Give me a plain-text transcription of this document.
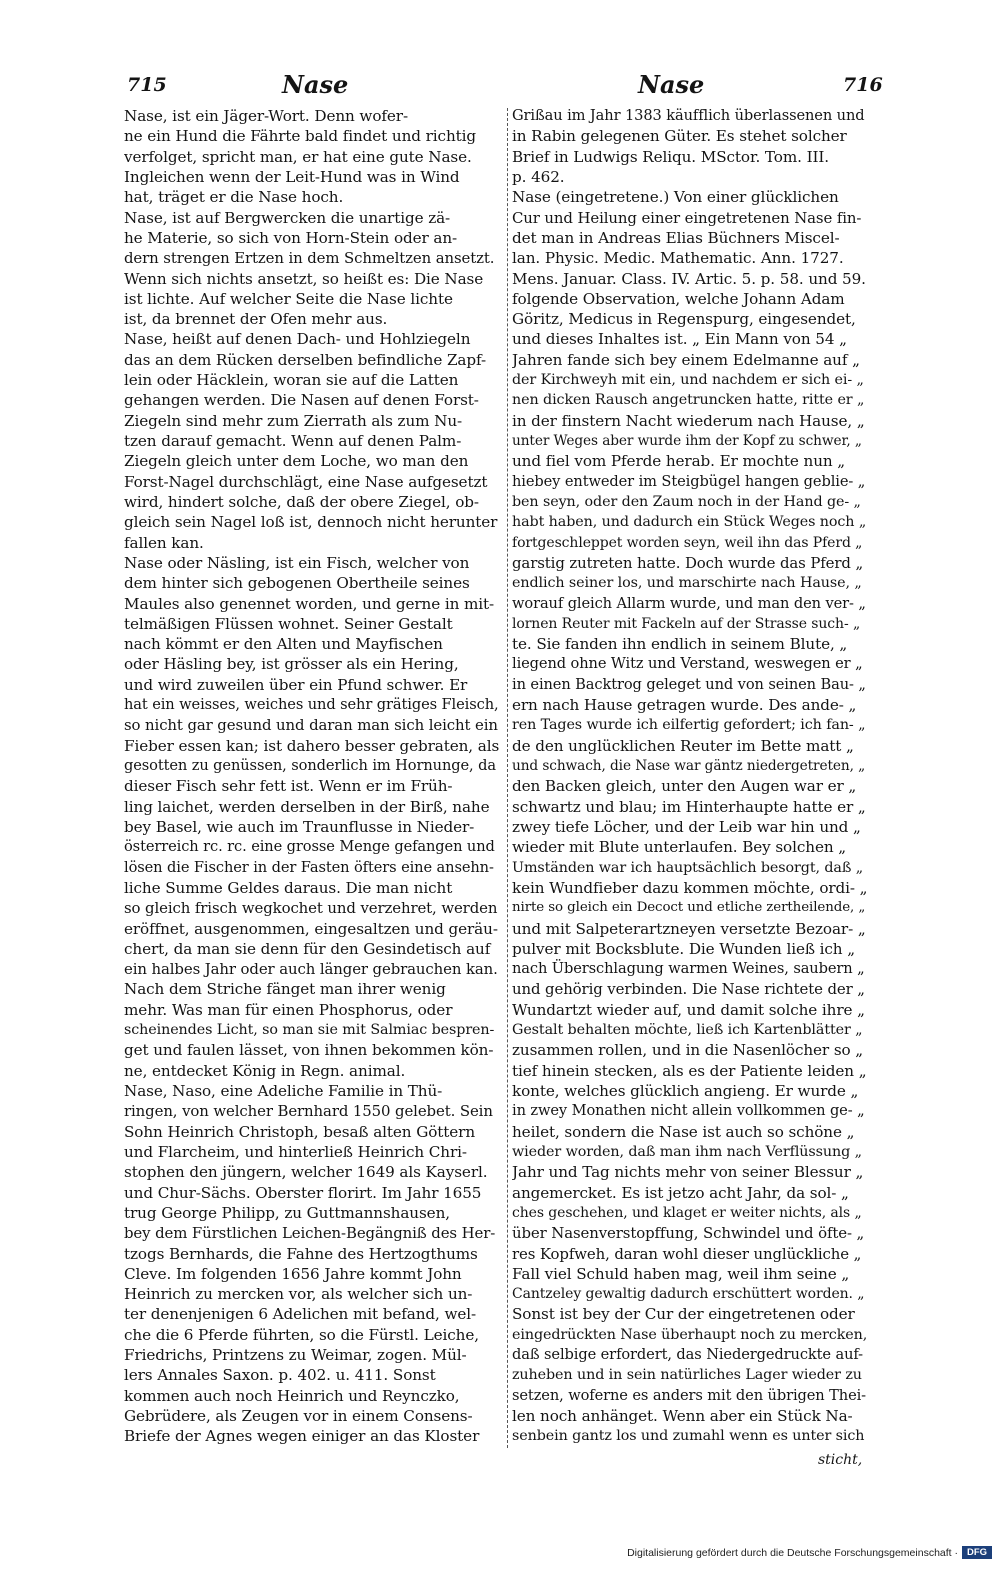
715	Nase	Nase	716
Nase, ist ein Jäger-Wort. Denn wofer-
ne ein Hund die Fährte bald findet und richtig
verfolget, spricht man, er hat eine gute Nase.
Ingleichen wenn der Leit-Hund was in Wind
hat, träget er die Nase hoch.
Nase, ist auf Bergwercken die unartige zä-
he Materie, so sich von Horn-Stein oder an-
dern strengen Ertzen in dem Schmeltzen ansetzt.
Wenn sich nichts ansetzt, so heißt es: Die Nase
ist lichte. Auf welcher Seite die Nase lichte
ist, da brennet der Ofen mehr aus.
Nase, heißt auf denen Dach- und Hohlziegeln
das an dem Rücken derselben befindliche Zapf-
lein oder Häcklein, woran sie auf die Latten
gehangen werden. Die Nasen auf denen Forst-
Ziegeln sind mehr zum Zierrath als zum Nu-
tzen darauf gemacht. Wenn auf denen Palm-
Ziegeln gleich unter dem Loche, wo man den
Forst-Nagel durchschlägt, eine Nase aufgesetzt
wird, hindert solche, daß der obere Ziegel, ob-
gleich sein Nagel loß ist, dennoch nicht herunter
fallen kan.
Nase oder Näsling, ist ein Fisch, welcher von
dem hinter sich gebogenen Obertheile seines
Maules also genennet worden, und gerne in mit-
telmäßigen Flüssen wohnet. Seiner Gestalt
nach kömmt er den Alten und Mayfischen
oder Häsling bey, ist grösser als ein Hering,
und wird zuweilen über ein Pfund schwer. Er
hat ein weisses, weiches und sehr grätiges Fleisch,
so nicht gar gesund und daran man sich leicht ein
Fieber essen kan; ist dahero besser gebraten, als
gesotten zu genüssen, sonderlich im Hornunge, da
dieser Fisch sehr fett ist. Wenn er im Früh-
ling laichet, werden derselben in der Birß, nahe
bey Basel, wie auch im Traunflusse in Nieder-
österreich rc. rc. eine grosse Menge gefangen und
lösen die Fischer in der Fasten öfters eine ansehn-
liche Summe Geldes daraus. Die man nicht
so gleich frisch wegkochet und verzehret, werden
eröffnet, ausgenommen, eingesaltzen und geräu-
chert, da man sie denn für den Gesindetisch auf
ein halbes Jahr oder auch länger gebrauchen kan.
Nach dem Striche fänget man ihrer wenig
mehr. Was man für einen Phosphorus, oder
scheinendes Licht, so man sie mit Salmiac bespren-
get und faulen lässet, von ihnen bekommen kön-
ne, entdecket König in Regn. animal.
Nase, Naso, eine Adeliche Familie in Thü-
ringen, von welcher Bernhard 1550 gelebet. Sein
Sohn Heinrich Christoph, besaß alten Göttern
und Flarcheim, und hinterließ Heinrich Chri-
stophen den jüngern, welcher 1649 als Kayserl.
und Chur-Sächs. Oberster florirt. Im Jahr 1655
trug George Philipp, zu Guttmannshausen,
bey dem Fürstlichen Leichen-Begängniß des Her-
tzogs Bernhards, die Fahne des Hertzogthums
Cleve. Im folgenden 1656 Jahre kommt John
Heinrich zu mercken vor, als welcher sich un-
ter denenjenigen 6 Adelichen mit befand, wel-
che die 6 Pferde führten, so die Fürstl. Leiche,
Friedrichs, Printzens zu Weimar, zogen. Mül-
lers Annales Saxon. p. 402. u. 411. Sonst
kommen auch noch Heinrich und Reynczko,
Gebrüdere, als Zeugen vor in einem Consens-
Briefe der Agnes wegen einiger an das Kloster
Grißau im Jahr 1383 käufflich überlassenen und
in Rabin gelegenen Güter. Es stehet solcher
Brief in Ludwigs Reliqu. MSctor. Tom. III.
p. 462.
Nase (eingetretene.) Von einer glücklichen
Cur und Heilung einer eingetretenen Nase fin-
det man in Andreas Elias Büchners Miscel-
lan. Physic. Medic. Mathematic. Ann. 1727.
Mens. Januar. Class. IV. Artic. 5. p. 58. und 59.
folgende Observation, welche Johann Adam
Göritz, Medicus in Regenspurg, eingesendet,
und dieses Inhaltes ist. „ Ein Mann von 54 „
Jahren fande sich bey einem Edelmanne auf „
der Kirchweyh mit ein, und nachdem er sich ei- „
nen dicken Rausch angetruncken hatte, ritte er „
in der finstern Nacht wiederum nach Hause, „
unter Weges aber wurde ihm der Kopf zu schwer, „
und fiel vom Pferde herab. Er mochte nun „
hiebey entweder im Steigbügel hangen geblie- „
ben seyn, oder den Zaum noch in der Hand ge- „
habt haben, und dadurch ein Stück Weges noch „
fortgeschleppet worden seyn, weil ihn das Pferd „
garstig zutreten hatte. Doch wurde das Pferd „
endlich seiner los, und marschirte nach Hause, „
worauf gleich Allarm wurde, und man den ver- „
lornen Reuter mit Fackeln auf der Strasse such- „
te. Sie fanden ihn endlich in seinem Blute, „
liegend ohne Witz und Verstand, weswegen er „
in einen Backtrog geleget und von seinen Bau- „
ern nach Hause getragen wurde. Des ande- „
ren Tages wurde ich eilfertig gefordert; ich fan- „
de den unglücklichen Reuter im Bette matt „
und schwach, die Nase war gäntz niedergetreten, „
den Backen gleich, unter den Augen war er „
schwartz und blau; im Hinterhaupte hatte er „
zwey tiefe Löcher, und der Leib war hin und „
wieder mit Blute unterlaufen. Bey solchen „
Umständen war ich hauptsächlich besorgt, daß „
kein Wundfieber dazu kommen möchte, ordi- „
nirte so gleich ein Decoct und etliche zertheilende, „
und mit Salpeterartzneyen versetzte Bezoar- „
pulver mit Bocksblute. Die Wunden ließ ich „
nach Überschlagung warmen Weines, saubern „
und gehörig verbinden. Die Nase richtete der „
Wundartzt wieder auf, und damit solche ihre „
Gestalt behalten möchte, ließ ich Kartenblätter „
zusammen rollen, und in die Nasenlöcher so „
tief hinein stecken, als es der Patiente leiden „
konte, welches glücklich angieng. Er wurde „
in zwey Monathen nicht allein vollkommen ge- „
heilet, sondern die Nase ist auch so schöne „
wieder worden, daß man ihm nach Verflüssung „
Jahr und Tag nichts mehr von seiner Blessur „
angemercket. Es ist jetzo acht Jahr, da sol- „
ches geschehen, und klaget er weiter nichts, als „
über Nasenverstopffung, Schwindel und öfte- „
res Kopfweh, daran wohl dieser unglückliche „
Fall viel Schuld haben mag, weil ihm seine „
Cantzeley gewaltig dadurch erschüttert worden. „
Sonst ist bey der Cur der eingetretenen oder
eingedrückten Nase überhaupt noch zu mercken,
daß selbige erfordert, das Niedergedruckte auf-
zuheben und in sein natürliches Lager wieder zu
setzen, woferne es anders mit den übrigen Thei-
len noch anhänget. Wenn aber ein Stück Na-
senbein gantz los und zumahl wenn es unter sich
sticht,
Digitalisierung gefördert durch die Deutsche Forschungsgemeinschaft · DFG
